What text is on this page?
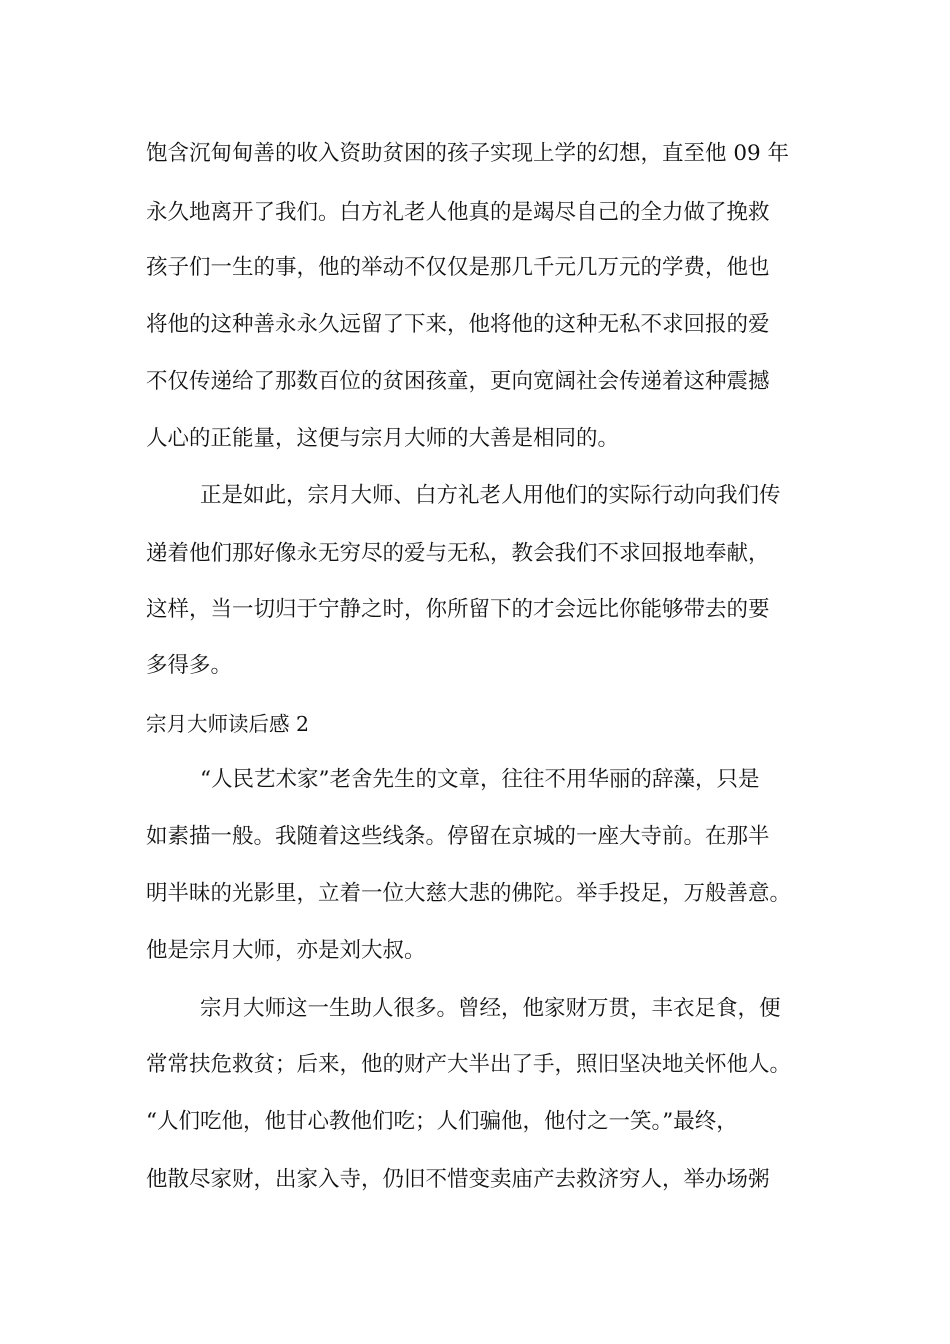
饱含沉甸甸善的收入资助贫困的孩子实现上学的幻想，直至他 09 年
永久地离开了我们。白方礼老人他真的是竭尽自己的全力做了挽救
孩子们一生的事，他的举动不仅仅是那几千元几万元的学费，他也
将他的这种善永永久远留了下来，他将他的这种无私不求回报的爱
不仅传递给了那数百位的贫困孩童，更向宽阔社会传递着这种震撼
人心的正能量，这便与宗月大师的大善是相同的。
正是如此，宗月大师、白方礼老人用他们的实际行动向我们传
递着他们那好像永无穷尽的爱与无私，教会我们不求回报地奉献，
这样，当一切归于宁静之时，你所留下的才会远比你能够带去的要
多得多。
宗月大师读后感 2
“人民艺术家”老舍先生的文章，往往不用华丽的辞藻，只是
如素描一般。我随着这些线条。停留在京城的一座大寺前。在那半
明半昧的光影里，立着一位大慈大悲的佛陀。举手投足，万般善意。
他是宗月大师，亦是刘大叔。
宗月大师这一生助人很多。曾经，他家财万贯，丰衣足食，便
常常扶危救贫；后来，他的财产大半出了手，照旧坚决地关怀他人。
“人们吃他，他甘心教他们吃；人们骗他，他付之一笑。”最终，
他散尽家财，出家入寺，仍旧不惜变卖庙产去救济穷人，举办场粥
